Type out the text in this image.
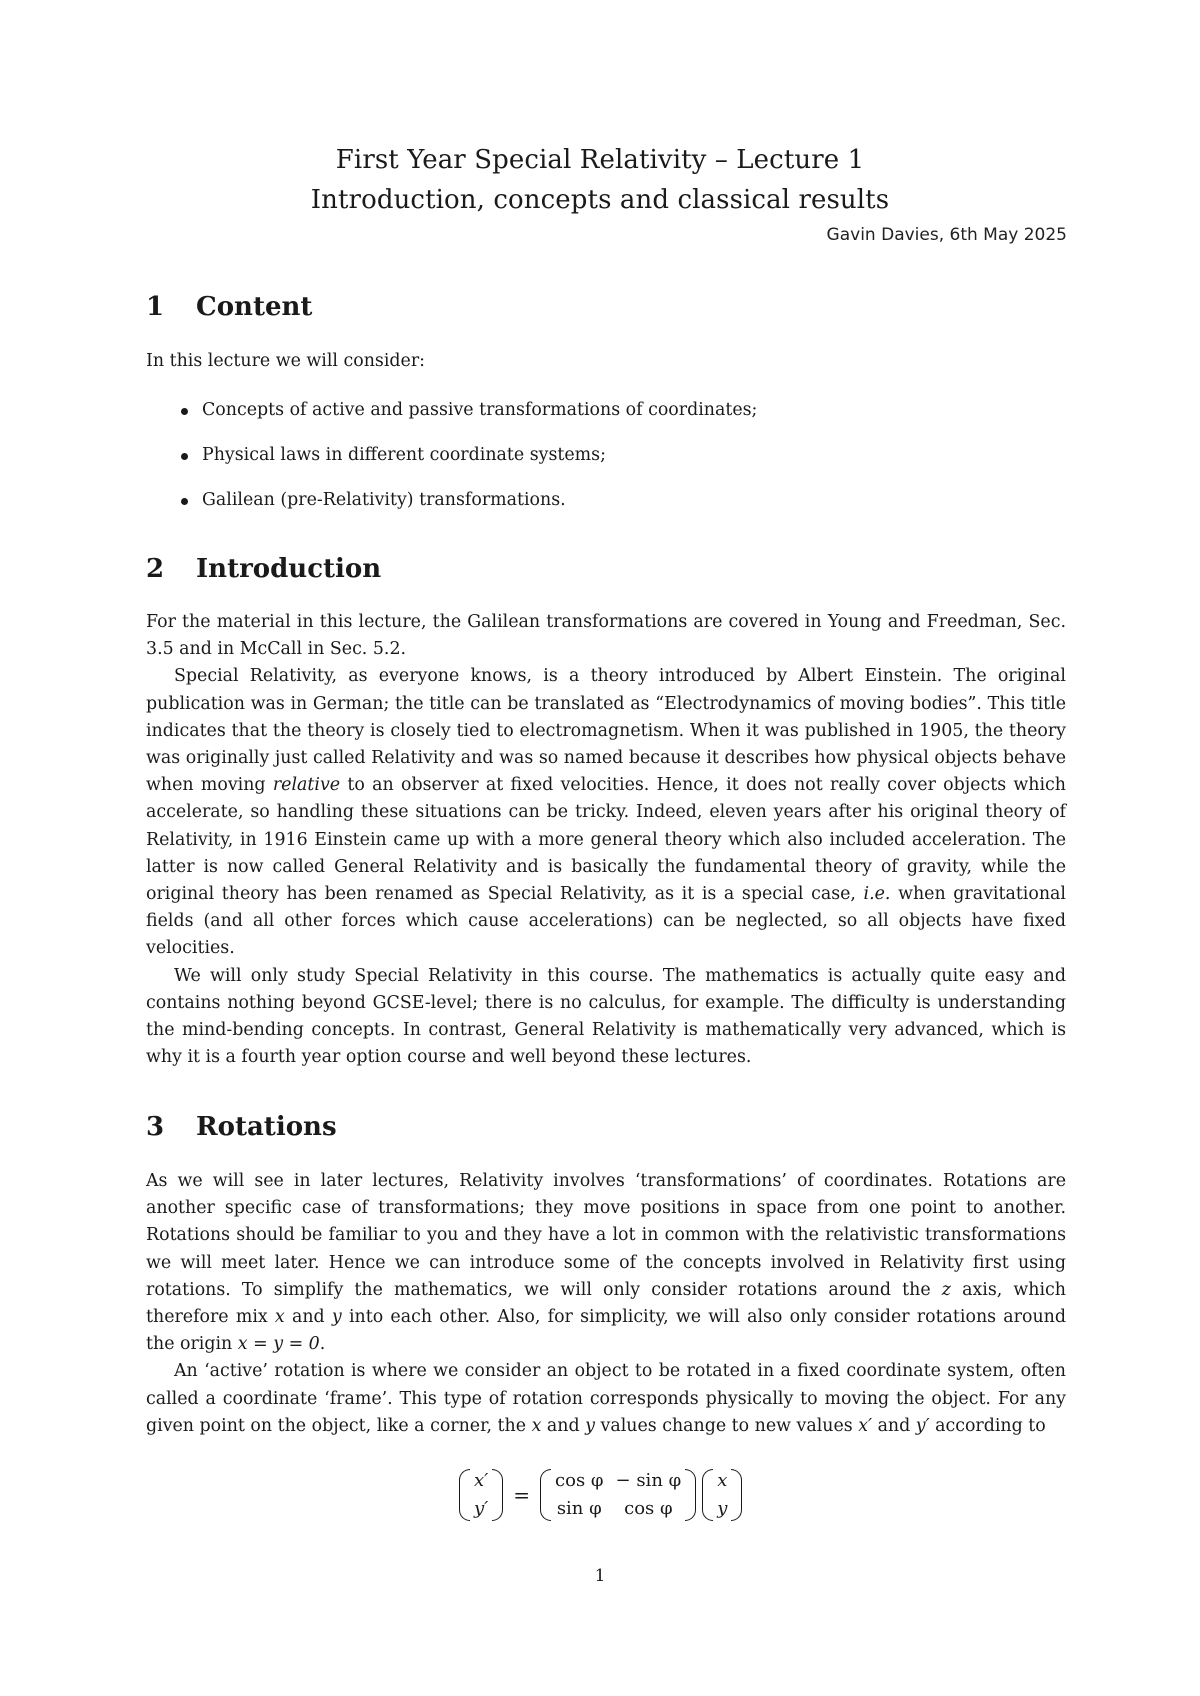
First Year Special Relativity – Lecture 1
Introduction, concepts and classical results
Gavin Davies, 6th May 2025
1 Content

In this lecture we will consider:

Concepts of active and passive transformations of coordinates;
Physical laws in different coordinate systems;
Galilean (pre-Relativity) transformations.
2 Introduction

For the material in this lecture, the Galilean transformations are covered in Young and Freedman, Sec. 3.5 and in McCall in Sec. 5.2.

Special Relativity, as everyone knows, is a theory introduced by Albert Einstein. The original publication was in German; the title can be translated as “Electrodynamics of moving bodies”. This title indicates that the theory is closely tied to electromagnetism. When it was published in 1905, the theory was originally just called Relativity and was so named because it describes how physical objects behave when moving relative to an observer at fixed velocities. Hence, it does not really cover objects which accelerate, so handling these situations can be tricky. Indeed, eleven years after his original theory of Relativity, in 1916 Einstein came up with a more general theory which also included acceleration. The latter is now called General Relativity and is basically the fundamental theory of gravity, while the original theory has been renamed as Special Relativity, as it is a special case, i.e. when gravitational fields (and all other forces which cause accelerations) can be neglected, so all objects have fixed velocities.

We will only study Special Relativity in this course. The mathematics is actually quite easy and contains nothing beyond GCSE-level; there is no calculus, for example. The difficulty is understanding the mind-bending concepts. In contrast, General Relativity is mathematically very advanced, which is why it is a fourth year option course and well beyond these lectures.

3 Rotations

As we will see in later lectures, Relativity involves ‘transformations’ of coordinates. Rotations are another specific case of transformations; they move positions in space from one point to another. Rotations should be familiar to you and they have a lot in common with the relativistic transformations we will meet later. Hence we can introduce some of the concepts involved in Relativity first using rotations. To simplify the mathematics, we will only consider rotations around the z axis, which therefore mix x and y into each other. Also, for simplicity, we will also only consider rotations around the origin x = y = 0.

An ‘active’ rotation is where we consider an object to be rotated in a fixed coordinate system, often called a coordinate ‘frame’. This type of rotation corresponds physically to moving the object. For any given point on the object, like a corner, the x and y values change to new values x′ and y′ according to

x′
y′
=
cos φ	− sin φ
sin φ	cos φ
x
y
1
